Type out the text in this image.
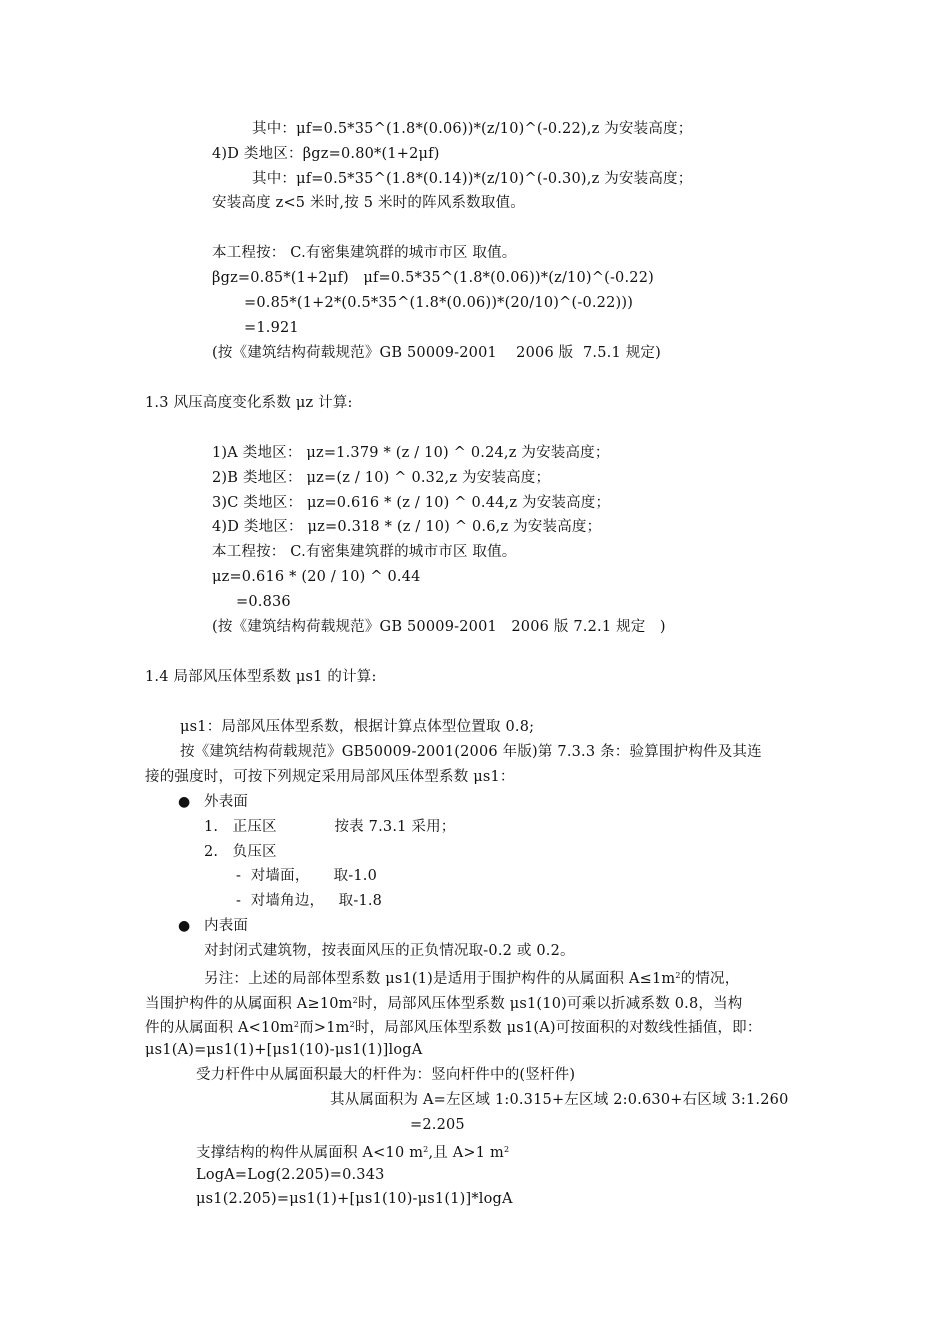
其中：μf=0.5*35^(1.8*(0.06))*(z/10)^(-0.22),z 为安装高度；
4)D 类地区：βgz=0.80*(1+2μf)
其中：μf=0.5*35^(1.8*(0.14))*(z/10)^(-0.30),z 为安装高度；
安装高度 z<5 米时,按 5 米时的阵风系数取值。
本工程按： C.有密集建筑群的城市市区 取值。
βgz=0.85*(1+2μf)   μf=0.5*35^(1.8*(0.06))*(z/10)^(-0.22)
=0.85*(1+2*(0.5*35^(1.8*(0.06))*(20/10)^(-0.22)))
=1.921
(按《建筑结构荷载规范》GB 50009-2001    2006 版  7.5.1 规定)
1.3 风压高度变化系数 μz 计算:
1)A 类地区： μz=1.379 * (z / 10) ^ 0.24,z 为安装高度；
2)B 类地区： μz=(z / 10) ^ 0.32,z 为安装高度；
3)C 类地区： μz=0.616 * (z / 10) ^ 0.44,z 为安装高度；
4)D 类地区： μz=0.318 * (z / 10) ^ 0.6,z 为安装高度；
本工程按： C.有密集建筑群的城市市区 取值。
μz=0.616 * (20 / 10) ^ 0.44
=0.836
(按《建筑结构荷载规范》GB 50009-2001   2006 版 7.2.1 规定   )
1.4 局部风压体型系数 μs1 的计算:
μs1：局部风压体型系数，根据计算点体型位置取 0.8;
按《建筑结构荷载规范》GB50009-2001(2006 年版)第 7.3.3 条：验算围护构件及其连
接的强度时，可按下列规定采用局部风压体型系数 μs1：
● 外表面
1.   正压区            按表 7.3.1 采用；
2.   负压区
-  对墙面，     取-1.0
-  对墙角边，   取-1.8
● 内表面
对封闭式建筑物，按表面风压的正负情况取-0.2 或 0.2。
另注：上述的局部体型系数 μs1(1)是适用于围护构件的从属面积 $A\le 1m^2$的情况，
当围护构件的从属面积 $A\ge 10m^2$时，局部风压体型系数 μs1(10)可乘以折减系数 0.8，当构
件的从属面积 $A<10m^2$而$>1m^2$时，局部风压体型系数 μs1(A)可按面积的对数线性插值，即：
μs1(A)=μs1(1)+[μs1(10)-μs1(1)]logA
受力杆件中从属面积最大的杆件为：竖向杆件中的(竖杆件)
其从属面积为 A=左区域 1:0.315+左区域 2:0.630+右区域 3:1.260
=2.205
支撑结构的构件从属面积 A<10 $m^2$,且 A>1 $m^2$
LogA=Log(2.205)=0.343
μs1(2.205)=μs1(1)+[μs1(10)-μs1(1)]*logA
